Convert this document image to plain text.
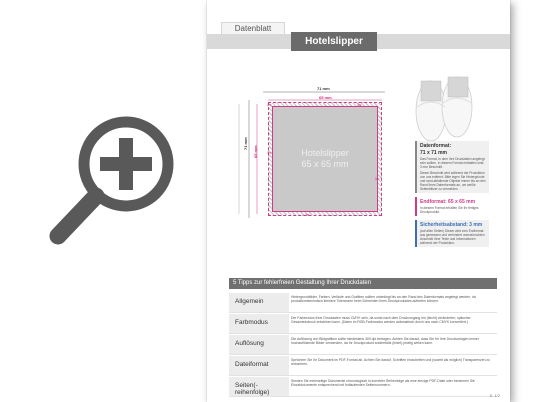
Datenblatt
Hotelslipper
71 mm
65 mm
71 mm
65 mm	Hotelslipper
65 x 65 mm
✂	✂
✂
✂
✂
Datenformat:
71 x 71 mm

Das Format, in dem Ihre Druckdaten angelegt sein sollten. In diesem Format enthalten sind: 3 mm Beschnitt.

Dieser Beschnitt wird während der Produktion von uns entfernt. Bitte legen Sie Hintergründe und rand-abfallende Objekte immer bis an den Rand Ihres Datenformats an, um weiße Seitenblitzer zu vermeiden.

Endformat: 65 x 65 mm

In diesem Format erhalten Sie Ihr fertiges Druckprodukt.

Sicherheitsabstand: 3 mm

(auf allen Seiten) Dieser wird vom Endformat aus gemessen und verhindert unerwünschten Anschnitt Ihrer Texte und Informationen während der Produktion.

5 Tipps zur fehlerfreien Gestaltung Ihrer Druckdaten
Allgemein
Hintergrundbilder, Farben, Verläufe und Grafiken sollten unbedingt bis an den Rand des Datenformats angelegt werden, da produktionstechnisch kleinere Toleranzen beim Schneiden Ihres Druckproduktes auftreten können.
Farbmodus
Der Farbmodus Ihrer Druckdaten muss CMYK sein, da sonst nach dem Druckvorgang ein (leicht) veränderter, optischer Gesamteindruck entstehen kann. (Daten im RGB-Farbmodus werden automatisch durch uns nach CMYK konvertiert.)
Auflösung
Die Auflösung von Bildgrafiken sollte mindestens 300 dpi betragen. Achten Sie darauf, dass Sie für Ihre Druckvorlagen immer hochauflösende Bilder verwenden, da Ihr Druckprodukt andernfalls (leicht) pixelig wirken kann.
Dateiformat
Speichern Sie Ihr Dokument im PDF-Format ab. Achten Sie darauf, Schriften einzubetten und (soweit als möglich) Transparenzen zu reduzieren.
Seiten(-reihenfolge)
Senden Sie mehrseitige Dokumente chronologisch in korrekter Reihenfolge als eine einzige PDF-Datei oder benennen Sie Einzeldokumente entsprechend mit fortlaufenden Seitennummern.
S. 1/2
